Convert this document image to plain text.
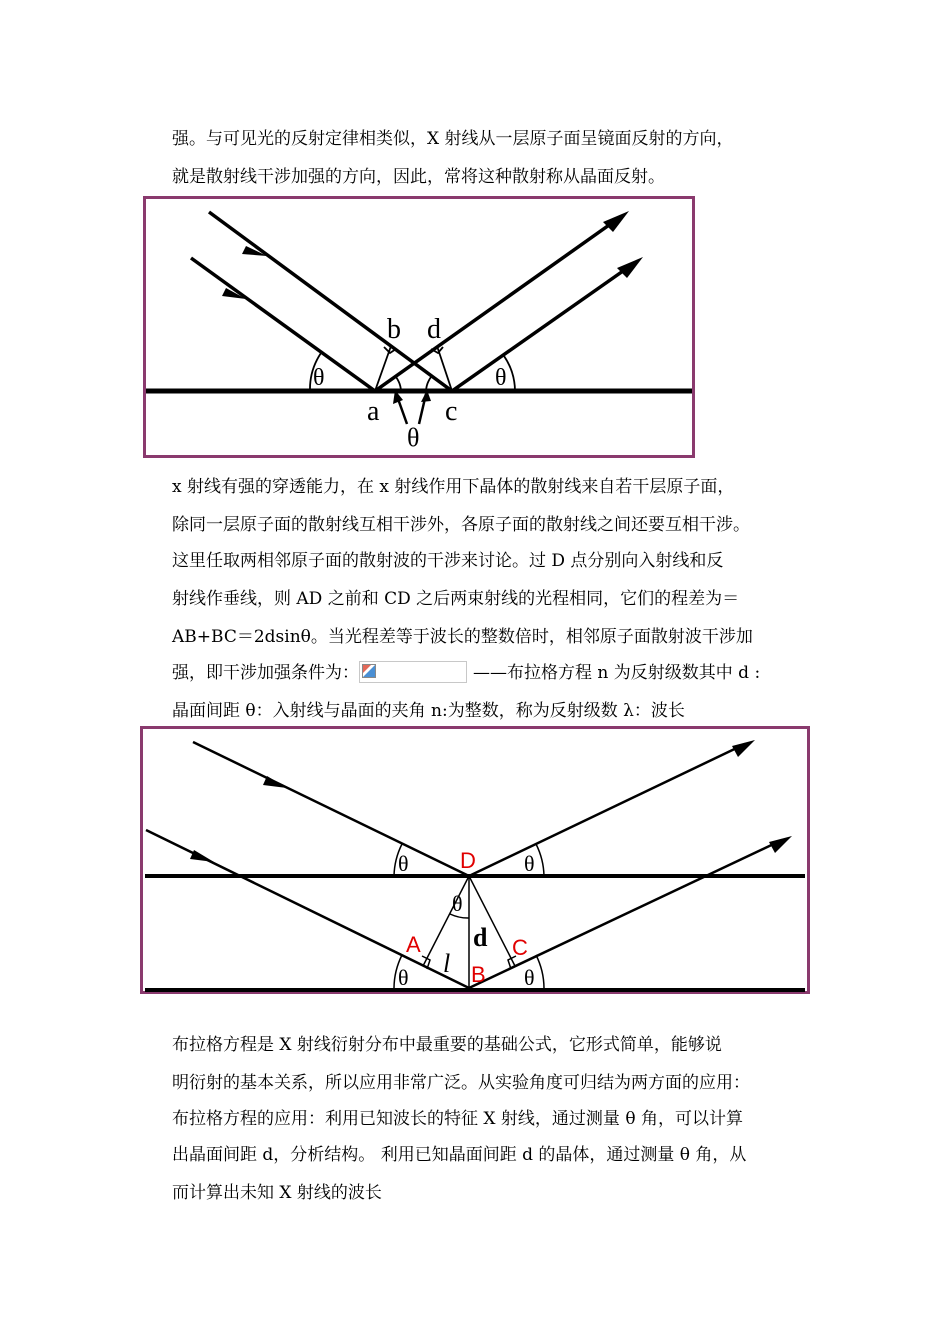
强。与可见光的反射定律相类似，X 射线从一层原子面呈镜面反射的方向，
就是散射线干涉加强的方向，因此，常将这种散射称从晶面反射。
b d
a c
θ	θ
θ
x 射线有强的穿透能力，在 x 射线作用下晶体的散射线来自若干层原子面，
除同一层原子面的散射线互相干涉外，各原子面的散射线之间还要互相干涉。
这里任取两相邻原子面的散射波的干涉来讨论。过 D 点分别向入射线和反
射线作垂线，则 AD 之前和 CD 之后两束射线的光程相同，它们的程差为＝
AB+BC＝2dsinθ。当光程差等于波长的整数倍时，相邻原子面散射波干涉加
强，即干涉加强条件为：	——布拉格方程 n 为反射级数其中 d :
晶面间距 θ：入射线与晶面的夹角 n:为整数，称为反射级数 λ：波长
θ	θ
θ	θ
θ
d
l
D
A
B
C
布拉格方程是 X 射线衍射分布中最重要的基础公式，它形式简单，能够说
明衍射的基本关系，所以应用非常广泛。从实验角度可归结为两方面的应用：
布拉格方程的应用：利用已知波长的特征 X 射线，通过测量 θ 角，可以计算
出晶面间距 d，分析结构。 利用已知晶面间距 d 的晶体，通过测量 θ 角，从
而计算出未知 X 射线的波长
